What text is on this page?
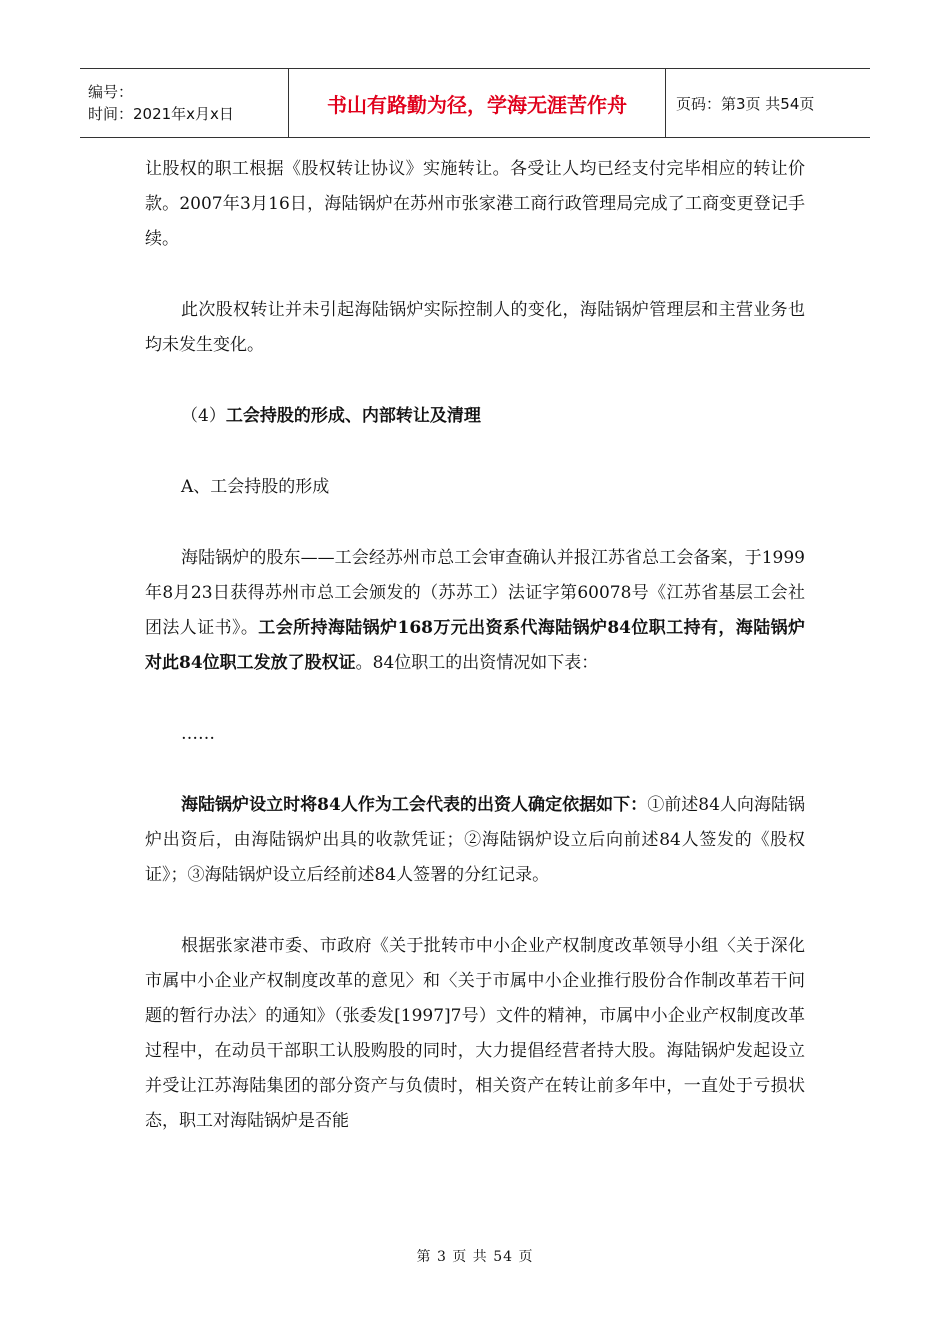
编号：
时间：2021年x月x日	书山有路勤为径，学海无涯苦作舟	页码：第3页 共54页

让股权的职工根据《股权转让协议》实施转让。各受让人均已经支付完毕相应的转让价款。2007年3月16日，海陆锅炉在苏州市张家港工商行政管理局完成了工商变更登记手续。

此次股权转让并未引起海陆锅炉实际控制人的变化，海陆锅炉管理层和主营业务也均未发生变化。

（4）工会持股的形成、内部转让及清理

A、工会持股的形成

海陆锅炉的股东——工会经苏州市总工会审查确认并报江苏省总工会备案，于1999年8月23日获得苏州市总工会颁发的（苏苏工）法证字第60078号《江苏省基层工会社团法人证书》。工会所持海陆锅炉168万元出资系代海陆锅炉84位职工持有，海陆锅炉对此84位职工发放了股权证。84位职工的出资情况如下表：

……

海陆锅炉设立时将84人作为工会代表的出资人确定依据如下：①前述84人向海陆锅炉出资后，由海陆锅炉出具的收款凭证；②海陆锅炉设立后向前述84人签发的《股权证》；③海陆锅炉设立后经前述84人签署的分红记录。

根据张家港市委、市政府《关于批转市中小企业产权制度改革领导小组〈关于深化市属中小企业产权制度改革的意见〉和〈关于市属中小企业推行股份合作制改革若干问题的暂行办法〉的通知》（张委发[1997]7号）文件的精神，市属中小企业产权制度改革过程中，在动员干部职工认股购股的同时，大力提倡经营者持大股。海陆锅炉发起设立并受让江苏海陆集团的部分资产与负债时，相关资产在转让前多年中，一直处于亏损状态，职工对海陆锅炉是否能

第 3 页 共 54 页
